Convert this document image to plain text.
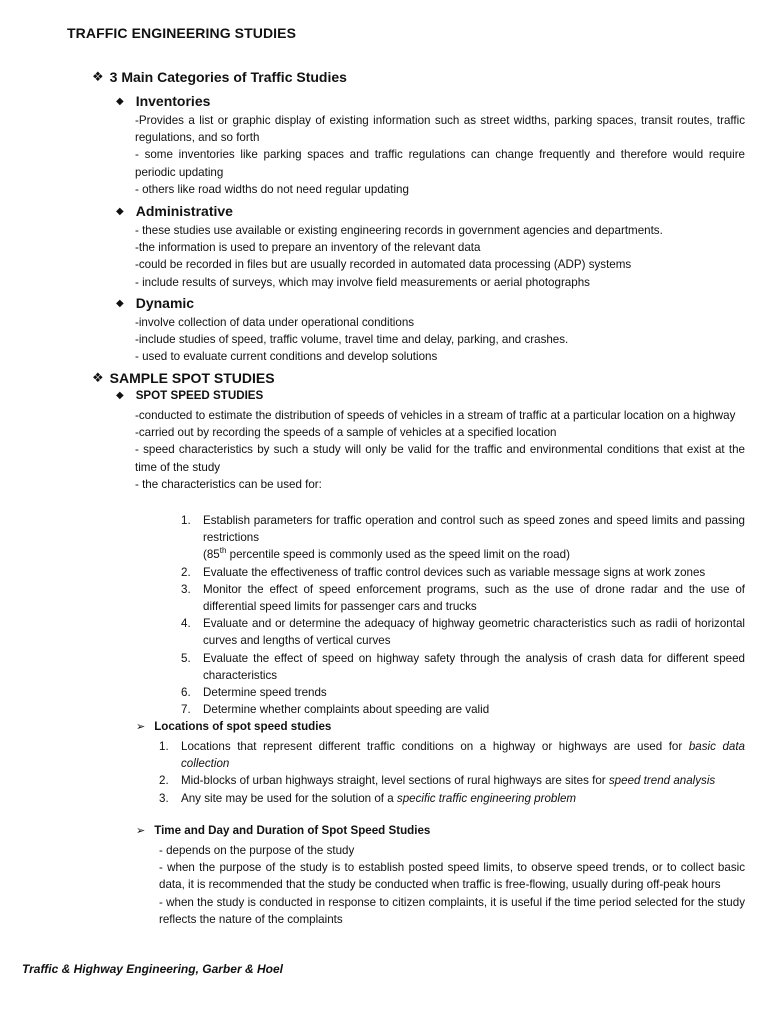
TRAFFIC ENGINEERING STUDIES
❖ 3 Main Categories of Traffic Studies
◆ Inventories

-Provides a list or graphic display of existing information such as street widths, parking spaces, transit routes, traffic regulations, and so forth

- some inventories like parking spaces and traffic regulations can change frequently and therefore would require periodic updating

- others like road widths do not need regular updating

◆ Administrative

- these studies use available or existing engineering records in government agencies and departments.

-the information is used to prepare an inventory of the relevant data

-could be recorded in files but are usually recorded in automated data processing (ADP) systems

- include results of surveys, which may involve field measurements or aerial photographs

◆ Dynamic

-involve collection of data under operational conditions

-include studies of speed, traffic volume, travel time and delay, parking, and crashes.

- used to evaluate current conditions and develop solutions

❖ SAMPLE SPOT STUDIES
◆ SPOT SPEED STUDIES

-conducted to estimate the distribution of speeds of vehicles in a stream of traffic at a particular location on a highway

-carried out by recording the speeds of a sample of vehicles at a specified location

- speed characteristics by such a study will only be valid for the traffic and environmental conditions that exist at the time of the study

- the characteristics can be used for:

1.	Establish parameters for traffic operation and control such as speed zones and speed limits and passing restrictions
(85th percentile speed is commonly used as the speed limit on the road)
2.	Evaluate the effectiveness of traffic control devices such as variable message signs at work zones
3.	Monitor the effect of speed enforcement programs, such as the use of drone radar and the use of differential speed limits for passenger cars and trucks
4.	Evaluate and or determine the adequacy of highway geometric characteristics such as radii of horizontal curves and lengths of vertical curves
5.	Evaluate the effect of speed on highway safety through the analysis of crash data for different speed characteristics
6.	Determine speed trends
7.	Determine whether complaints about speeding are valid
➢ Locations of spot speed studies
1.	Locations that represent different traffic conditions on a highway or highways are used for basic data collection
2.	Mid-blocks of urban highways straight, level sections of rural highways are sites for speed trend analysis
3.	Any site may be used for the solution of a specific traffic engineering problem
➢ Time and Day and Duration of Spot Speed Studies

- depends on the purpose of the study

- when the purpose of the study is to establish posted speed limits, to observe speed trends, or to collect basic data, it is recommended that the study be conducted when traffic is free-flowing, usually during off-peak hours

- when the study is conducted in response to citizen complaints, it is useful if the time period selected for the study reflects the nature of the complaints

Traffic & Highway Engineering, Garber & Hoel
